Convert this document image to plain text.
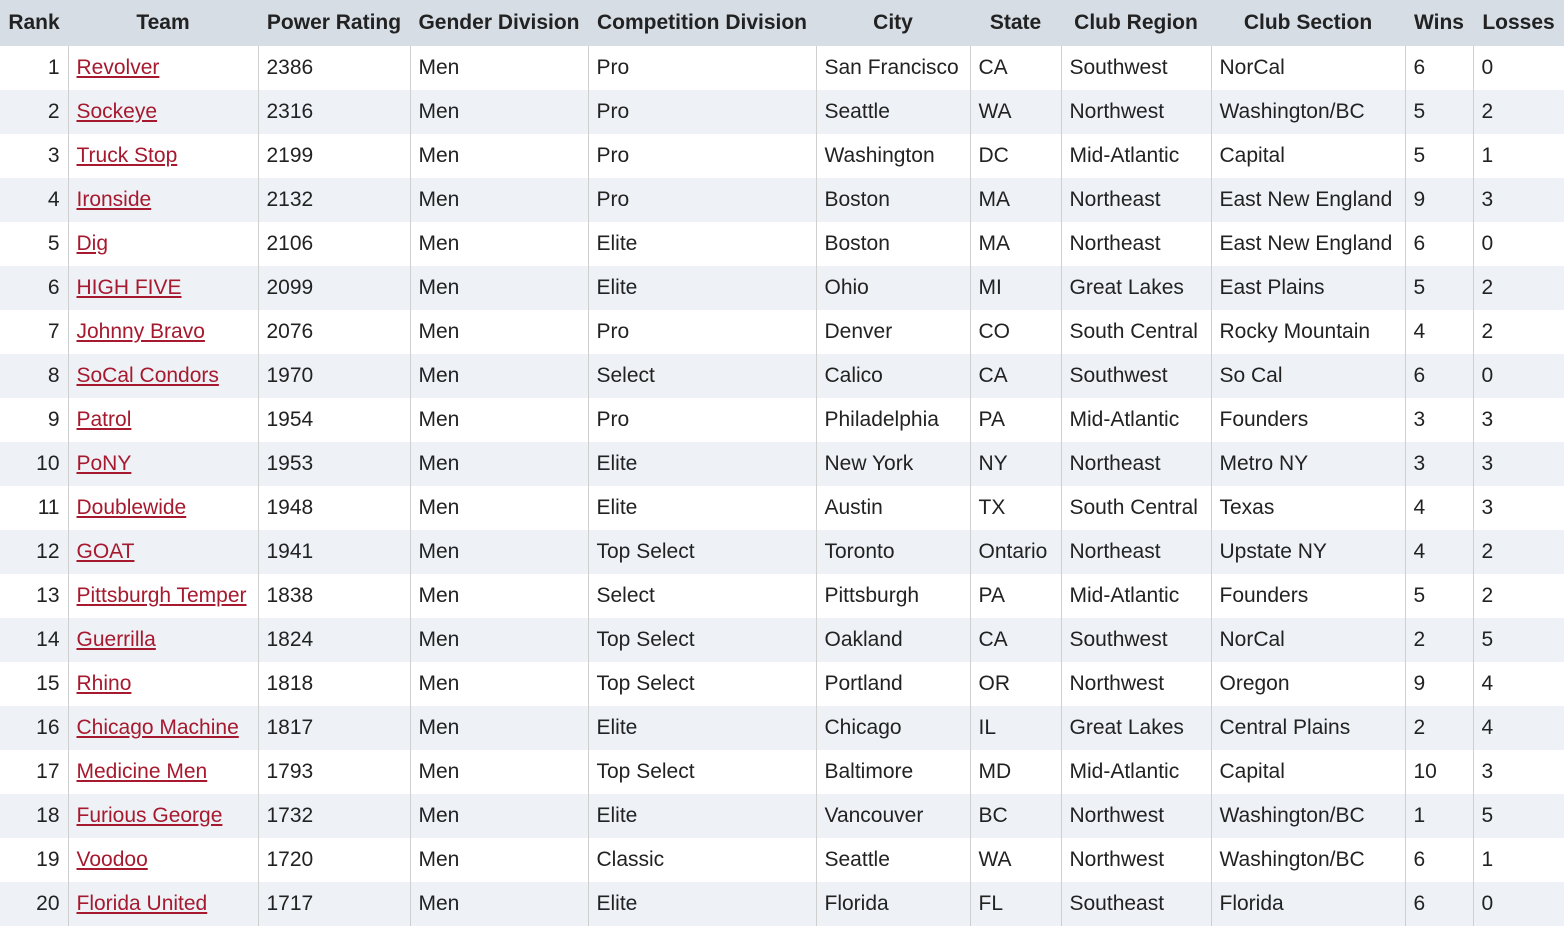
Rank	Team	Power Rating	Gender Division	Competition Division	City	State	Club Region	Club Section	Wins	Losses
1	Revolver	2386	Men	Pro	San Francisco	CA	Southwest	NorCal	6	0
2	Sockeye	2316	Men	Pro	Seattle	WA	Northwest	Washington/BC	5	2
3	Truck Stop	2199	Men	Pro	Washington	DC	Mid-Atlantic	Capital	5	1
4	Ironside	2132	Men	Pro	Boston	MA	Northeast	East New England	9	3
5	Dig	2106	Men	Elite	Boston	MA	Northeast	East New England	6	0
6	HIGH FIVE	2099	Men	Elite	Ohio	MI	Great Lakes	East Plains	5	2
7	Johnny Bravo	2076	Men	Pro	Denver	CO	South Central	Rocky Mountain	4	2
8	SoCal Condors	1970	Men	Select	Calico	CA	Southwest	So Cal	6	0
9	Patrol	1954	Men	Pro	Philadelphia	PA	Mid-Atlantic	Founders	3	3
10	PoNY	1953	Men	Elite	New York	NY	Northeast	Metro NY	3	3
11	Doublewide	1948	Men	Elite	Austin	TX	South Central	Texas	4	3
12	GOAT	1941	Men	Top Select	Toronto	Ontario	Northeast	Upstate NY	4	2
13	Pittsburgh Temper	1838	Men	Select	Pittsburgh	PA	Mid-Atlantic	Founders	5	2
14	Guerrilla	1824	Men	Top Select	Oakland	CA	Southwest	NorCal	2	5
15	Rhino	1818	Men	Top Select	Portland	OR	Northwest	Oregon	9	4
16	Chicago Machine	1817	Men	Elite	Chicago	IL	Great Lakes	Central Plains	2	4
17	Medicine Men	1793	Men	Top Select	Baltimore	MD	Mid-Atlantic	Capital	10	3
18	Furious George	1732	Men	Elite	Vancouver	BC	Northwest	Washington/BC	1	5
19	Voodoo	1720	Men	Classic	Seattle	WA	Northwest	Washington/BC	6	1
20	Florida United	1717	Men	Elite	Florida	FL	Southeast	Florida	6	0
